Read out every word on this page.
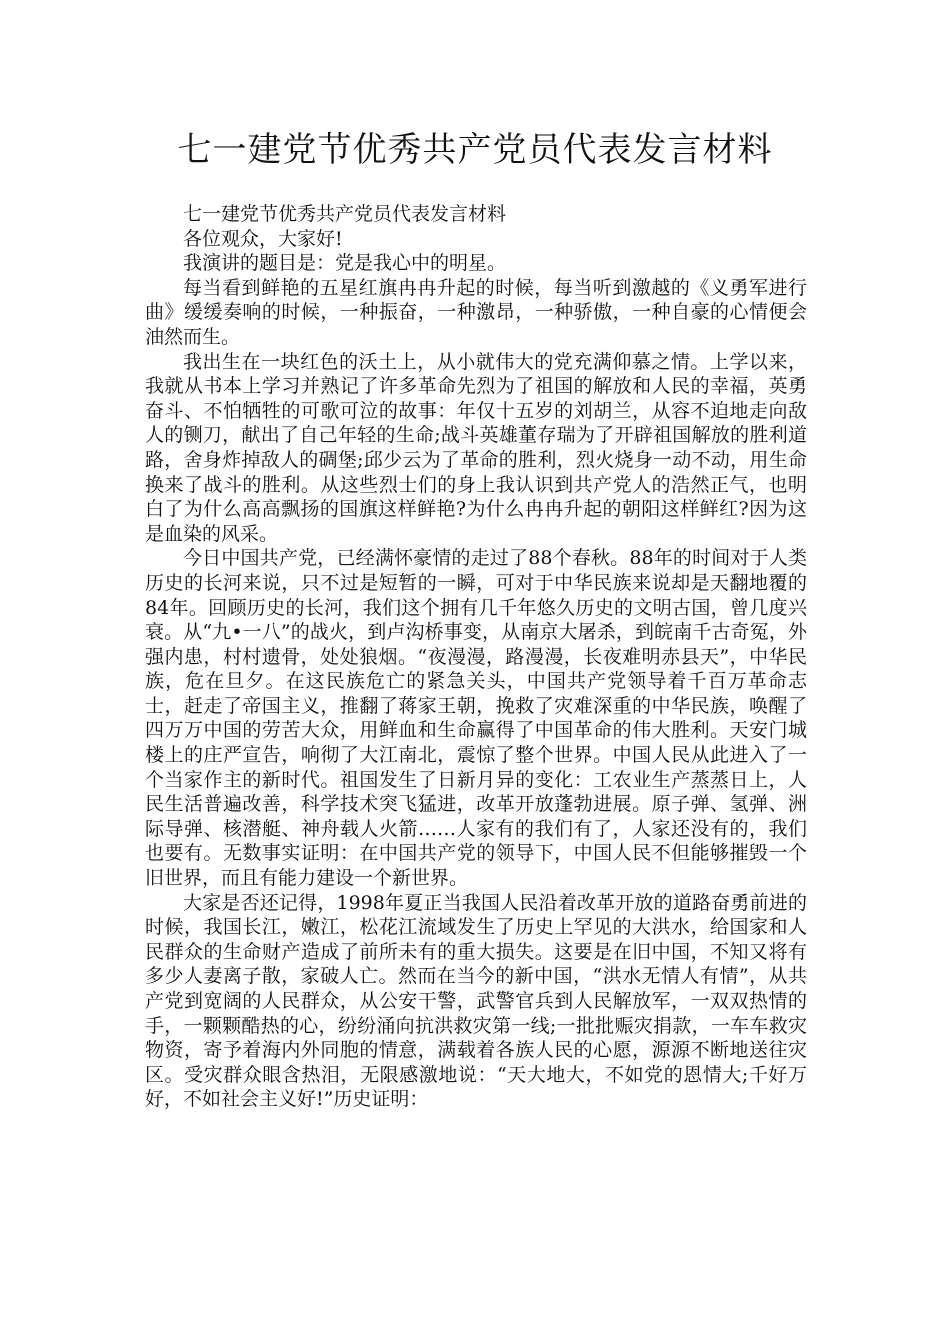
七一建党节优秀共产党员代表发言材料

七一建党节优秀共产党员代表发言材料

各位观众，大家好!

我演讲的题目是：党是我心中的明星。

每当看到鲜艳的五星红旗冉冉升起的时候，每当听到激越的《义勇军进行曲》缓缓奏响的时候，一种振奋，一种激昂，一种骄傲，一种自豪的心情便会油然而生。

我出生在一块红色的沃土上，从小就伟大的党充满仰慕之情。上学以来，我就从书本上学习并熟记了许多革命先烈为了祖国的解放和人民的幸福，英勇奋斗、不怕牺牲的可歌可泣的故事：年仅十五岁的刘胡兰，从容不迫地走向敌人的铡刀，献出了自己年轻的生命;战斗英雄董存瑞为了开辟祖国解放的胜利道路，舍身炸掉敌人的碉堡;邱少云为了革命的胜利，烈火烧身一动不动，用生命换来了战斗的胜利。从这些烈士们的身上我认识到共产党人的浩然正气，也明白了为什么高高飘扬的国旗这样鲜艳?为什么冉冉升起的朝阳这样鲜红?因为这是血染的风采。

今日中国共产党，已经满怀豪情的走过了88个春秋。88年的时间对于人类历史的长河来说，只不过是短暂的一瞬，可对于中华民族来说却是天翻地覆的84年。回顾历史的长河，我们这个拥有几千年悠久历史的文明古国，曾几度兴衰。从“九•一八”的战火，到卢沟桥事变，从南京大屠杀，到皖南千古奇冤，外强内患，村村遗骨，处处狼烟。“夜漫漫，路漫漫，长夜难明赤县天”，中华民族，危在旦夕。在这民族危亡的紧急关头，中国共产党领导着千百万革命志士，赶走了帝国主义，推翻了蒋家王朝，挽救了灾难深重的中华民族，唤醒了四万万中国的劳苦大众，用鲜血和生命赢得了中国革命的伟大胜利。天安门城楼上的庄严宣告，响彻了大江南北，震惊了整个世界。中国人民从此进入了一个当家作主的新时代。祖国发生了日新月异的变化：工农业生产蒸蒸日上，人民生活普遍改善，科学技术突飞猛进，改革开放蓬勃进展。原子弹、氢弹、洲际导弹、核潜艇、神舟载人火箭……人家有的我们有了，人家还没有的，我们也要有。无数事实证明：在中国共产党的领导下，中国人民不但能够摧毁一个旧世界，而且有能力建设一个新世界。

大家是否还记得，1998年夏正当我国人民沿着改革开放的道路奋勇前进的时候，我国长江，嫩江，松花江流域发生了历史上罕见的大洪水，给国家和人民群众的生命财产造成了前所未有的重大损失。这要是在旧中国，不知又将有多少人妻离子散，家破人亡。然而在当今的新中国，“洪水无情人有情”，从共产党到宽阔的人民群众，从公安干警，武警官兵到人民解放军，一双双热情的手，一颗颗酷热的心，纷纷涌向抗洪救灾第一线;一批批赈灾捐款，一车车救灾物资，寄予着海内外同胞的情意，满载着各族人民的心愿，源源不断地送往灾区。受灾群众眼含热泪，无限感激地说：“天大地大，不如党的恩情大;千好万好，不如社会主义好!”历史证明：
